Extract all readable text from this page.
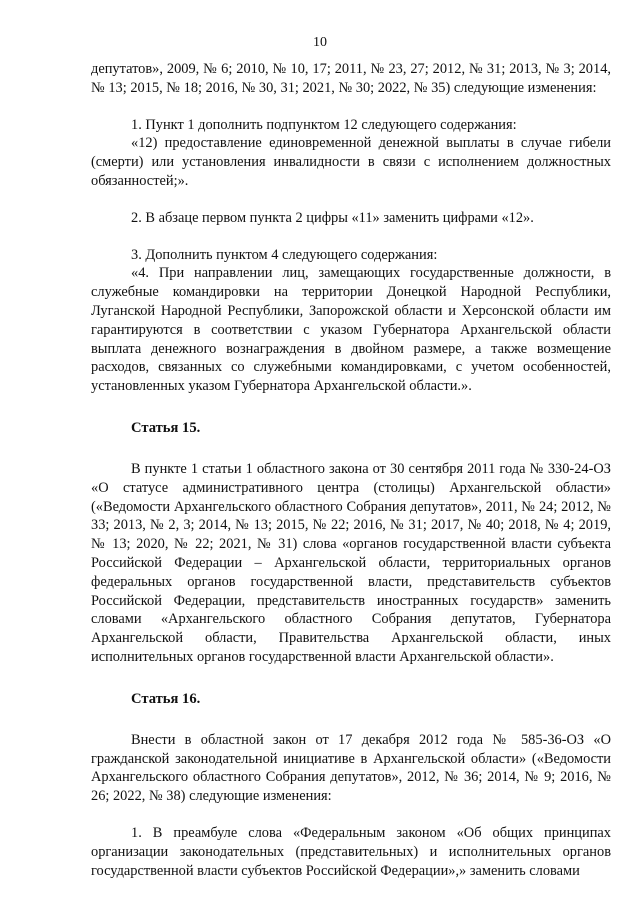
10

депутатов», 2009, № 6; 2010, № 10, 17; 2011, № 23, 27; 2012, № 31; 2013, № 3; 2014, № 13; 2015, № 18; 2016, № 30, 31; 2021, № 30; 2022, № 35) следующие изменения:

1. Пункт 1 дополнить подпунктом 12 следующего содержания:

«12) предоставление единовременной денежной выплаты в случае гибели (смерти) или установления инвалидности в связи с исполнением должностных обязанностей;».

2. В абзаце первом пункта 2 цифры «11» заменить цифрами «12».

3. Дополнить пунктом 4 следующего содержания:

«4. При направлении лиц, замещающих государственные должности, в служебные командировки на территории Донецкой Народной Республики, Луганской Народной Республики, Запорожской области и Херсонской области им гарантируются в соответствии с указом Губернатора Архангельской области выплата денежного вознаграждения в двойном размере, а также возмещение расходов, связанных со служебными командировками, с учетом особенностей, установленных указом Губернатора Архангельской области.».

Статья 15.

В пункте 1 статьи 1 областного закона от 30 сентября 2011 года № 330-24-ОЗ «О статусе административного центра (столицы) Архангельской области» («Ведомости Архангельского областного Собрания депутатов», 2011, № 24; 2012, № 33; 2013, № 2, 3; 2014, № 13; 2015, № 22; 2016, № 31; 2017, № 40; 2018, № 4; 2019, № 13; 2020, № 22; 2021, № 31) слова «органов государственной власти субъекта Российской Федерации – Архангельской области, территориальных органов федеральных органов государственной власти, представительств субъектов Российской Федерации, представительств иностранных государств» заменить словами «Архангельского областного Собрания депутатов, Губернатора Архангельской области, Правительства Архангельской области, иных исполнительных органов государственной власти Архангельской области».

Статья 16.

Внести в областной закон от 17 декабря 2012 года № 585-36-ОЗ «О гражданской законодательной инициативе в Архангельской области» («Ведомости Архангельского областного Собрания депутатов», 2012, № 36; 2014, № 9; 2016, № 26; 2022, № 38) следующие изменения:

1. В преамбуле слова «Федеральным законом «Об общих принципах организации законодательных (представительных) и исполнительных органов государственной власти субъектов Российской Федерации»,» заменить словами
